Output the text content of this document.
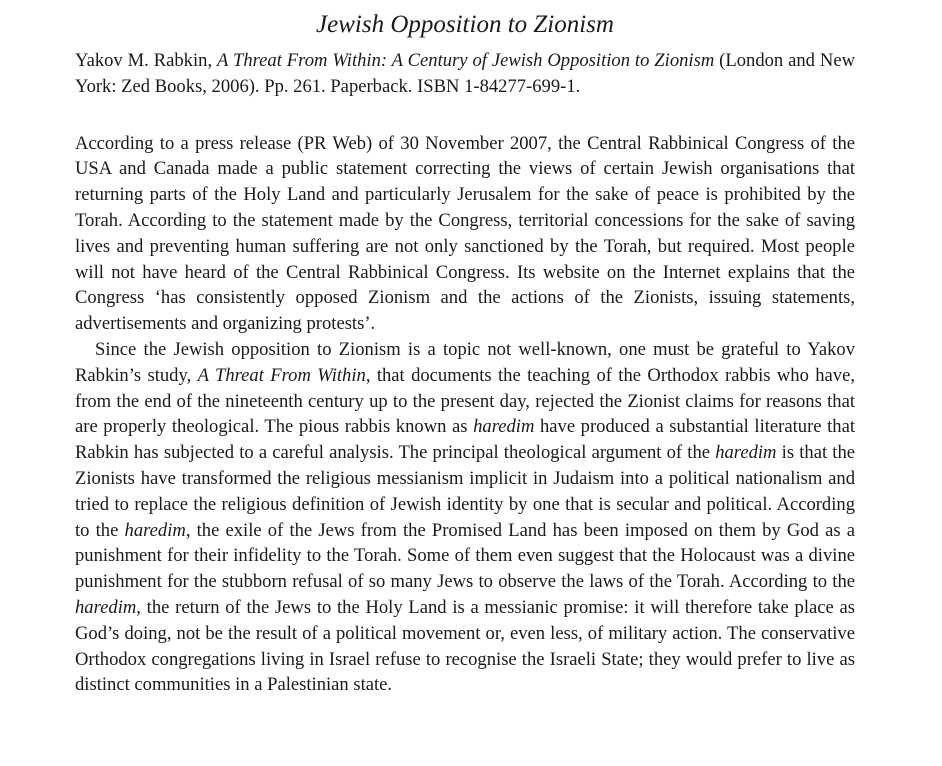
Jewish Opposition to Zionism

Yakov M. Rabkin, A Threat From Within: A Century of Jewish Opposition to Zionism (London and New York: Zed Books, 2006). Pp. 261. Paperback. ISBN 1-84277-699-1.

According to a press release (PR Web) of 30 November 2007, the Central Rabbinical Congress of the USA and Canada made a public statement correcting the views of certain Jewish organisations that returning parts of the Holy Land and particularly Jerusalem for the sake of peace is prohibited by the Torah. According to the statement made by the Congress, territorial concessions for the sake of saving lives and preventing human suffering are not only sanctioned by the Torah, but required. Most people will not have heard of the Central Rabbinical Congress. Its website on the Internet explains that the Congress ‘has consistently opposed Zionism and the actions of the Zionists, issuing statements, advertisements and organizing protests’.

Since the Jewish opposition to Zionism is a topic not well-known, one must be grateful to Yakov Rabkin’s study, A Threat From Within, that documents the teaching of the Orthodox rabbis who have, from the end of the nineteenth century up to the present day, rejected the Zionist claims for reasons that are properly theological. The pious rabbis known as haredim have produced a substantial literature that Rabkin has subjected to a careful analysis. The principal theological argument of the haredim is that the Zionists have transformed the religious messianism implicit in Judaism into a political nationalism and tried to replace the religious definition of Jewish identity by one that is secular and political. According to the haredim, the exile of the Jews from the Promised Land has been imposed on them by God as a punishment for their infidelity to the Torah. Some of them even suggest that the Holocaust was a divine punishment for the stubborn refusal of so many Jews to observe the laws of the Torah. According to the haredim, the return of the Jews to the Holy Land is a messianic promise: it will therefore take place as God’s doing, not be the result of a political movement or, even less, of military action. The conservative Orthodox congregations living in Israel refuse to recognise the Israeli State; they would prefer to live as distinct communities in a Palestinian state.
